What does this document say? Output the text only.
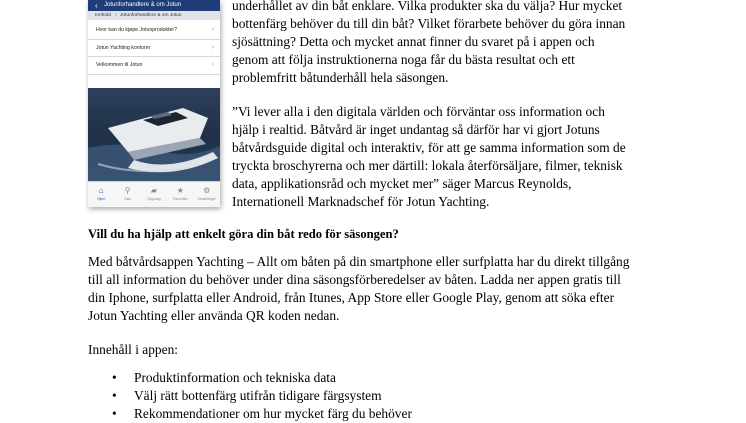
‹ Jotunforhandlere & om Jotun
Innhold › Jotunforhandlere & om Jotun
Hvor kan du kjøpe Jotunprodukter?	›
Jotun Yachting kontorer	›
Velkommen til Jotun	›
⌂
Hjem
⚲
Søk
▰
Oppslag
★
Favoritter
⚙
Innstillinger
underhållet av din båt enklare. Vilka produkter ska du välja? Hur mycket
bottenfärg behöver du till din båt? Vilket förarbete behöver du göra innan
sjösättning? Detta och mycket annat finner du svaret på i appen och
genom att följa instruktionerna noga får du bästa resultat och ett
problemfritt båtunderhåll hela säsongen.
”Vi lever alla i den digitala världen och förväntar oss information och
hjälp i realtid. Båtvård är inget undantag så därför har vi gjort Jotuns
båtvårdsguide digital och interaktiv, för att ge samma information som de
tryckta broschyrerna och mer därtill: lokala återförsäljare, filmer, teknisk
data, applikationsråd och mycket mer” säger Marcus Reynolds,
Internationell Marknadschef för Jotun Yachting.
Vill du ha hjälp att enkelt göra din båt redo för säsongen?
Med båtvårdsappen Yachting – Allt om båten på din smartphone eller surfplatta har du direkt tillgång
till all information du behöver under dina säsongsförberedelser av båten. Ladda ner appen gratis till
din Iphone, surfplatta eller Android, från Itunes, App Store eller Google Play, genom att söka efter
Jotun Yachting eller använda QR koden nedan.
Innehåll i appen:
• Produktinformation och tekniska data
• Välj rätt bottenfärg utifrån tidigare färgsystem
• Rekommendationer om hur mycket färg du behöver
